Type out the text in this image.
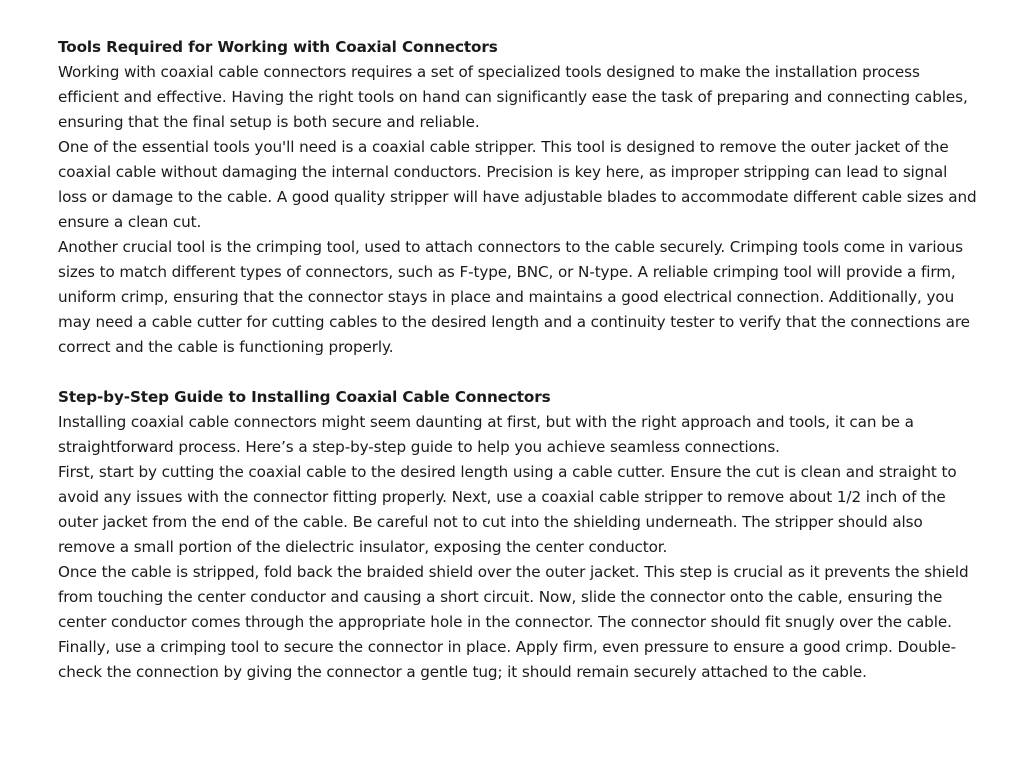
Tools Required for Working with Coaxial Connectors

Working with coaxial cable connectors requires a set of specialized tools designed to make the installation process efficient and effective. Having the right tools on hand can significantly ease the task of preparing and connecting cables, ensuring that the final setup is both secure and reliable.

One of the essential tools you'll need is a coaxial cable stripper. This tool is designed to remove the outer jacket of the coaxial cable without damaging the internal conductors. Precision is key here, as improper stripping can lead to signal loss or damage to the cable. A good quality stripper will have adjustable blades to accommodate different cable sizes and ensure a clean cut.

Another crucial tool is the crimping tool, used to attach connectors to the cable securely. Crimping tools come in various sizes to match different types of connectors, such as F-type, BNC, or N-type. A reliable crimping tool will provide a firm, uniform crimp, ensuring that the connector stays in place and maintains a good electrical connection. Additionally, you may need a cable cutter for cutting cables to the desired length and a continuity tester to verify that the connections are correct and the cable is functioning properly.

Step-by-Step Guide to Installing Coaxial Cable Connectors

Installing coaxial cable connectors might seem daunting at first, but with the right approach and tools, it can be a straightforward process. Here’s a step-by-step guide to help you achieve seamless connections.

First, start by cutting the coaxial cable to the desired length using a cable cutter. Ensure the cut is clean and straight to avoid any issues with the connector fitting properly. Next, use a coaxial cable stripper to remove about 1/2 inch of the outer jacket from the end of the cable. Be careful not to cut into the shielding underneath. The stripper should also remove a small portion of the dielectric insulator, exposing the center conductor.

Once the cable is stripped, fold back the braided shield over the outer jacket. This step is crucial as it prevents the shield from touching the center conductor and causing a short circuit. Now, slide the connector onto the cable, ensuring the center conductor comes through the appropriate hole in the connector. The connector should fit snugly over the cable. Finally, use a crimping tool to secure the connector in place. Apply firm, even pressure to ensure a good crimp. Double-check the connection by giving the connector a gentle tug; it should remain securely attached to the cable.
